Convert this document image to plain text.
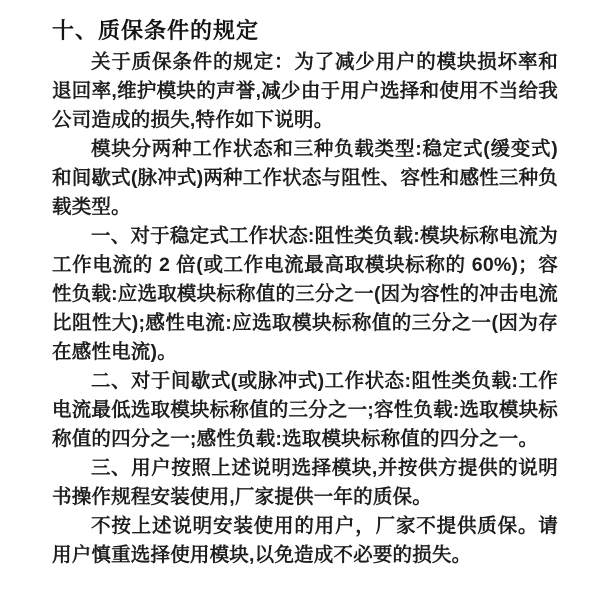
十、质保条件的规定

关于质保条件的规定：为了减少用户的模块损坏率和退回率,维护模块的声誉,减少由于用户选择和使用不当给我公司造成的损失,特作如下说明。

模块分两种工作状态和三种负载类型:稳定式(缓变式)和间歇式(脉冲式)两种工作状态与阻性、容性和感性三种负载类型。

一、对于稳定式工作状态:阻性类负载:模块标称电流为工作电流的 2 倍(或工作电流最高取模块标称的 60%)；容性负载:应选取模块标称值的三分之一(因为容性的冲击电流比阻性大);感性电流:应选取模块标称值的三分之一(因为存在感性电流)。

二、对于间歇式(或脉冲式)工作状态:阻性类负载:工作电流最低选取模块标称值的三分之一;容性负载:选取模块标称值的四分之一;感性负载:选取模块标称值的四分之一。

三、用户按照上述说明选择模块,并按供方提供的说明书操作规程安装使用,厂家提供一年的质保。

不按上述说明安装使用的用户，厂家不提供质保。请用户慎重选择使用模块,以免造成不必要的损失。
